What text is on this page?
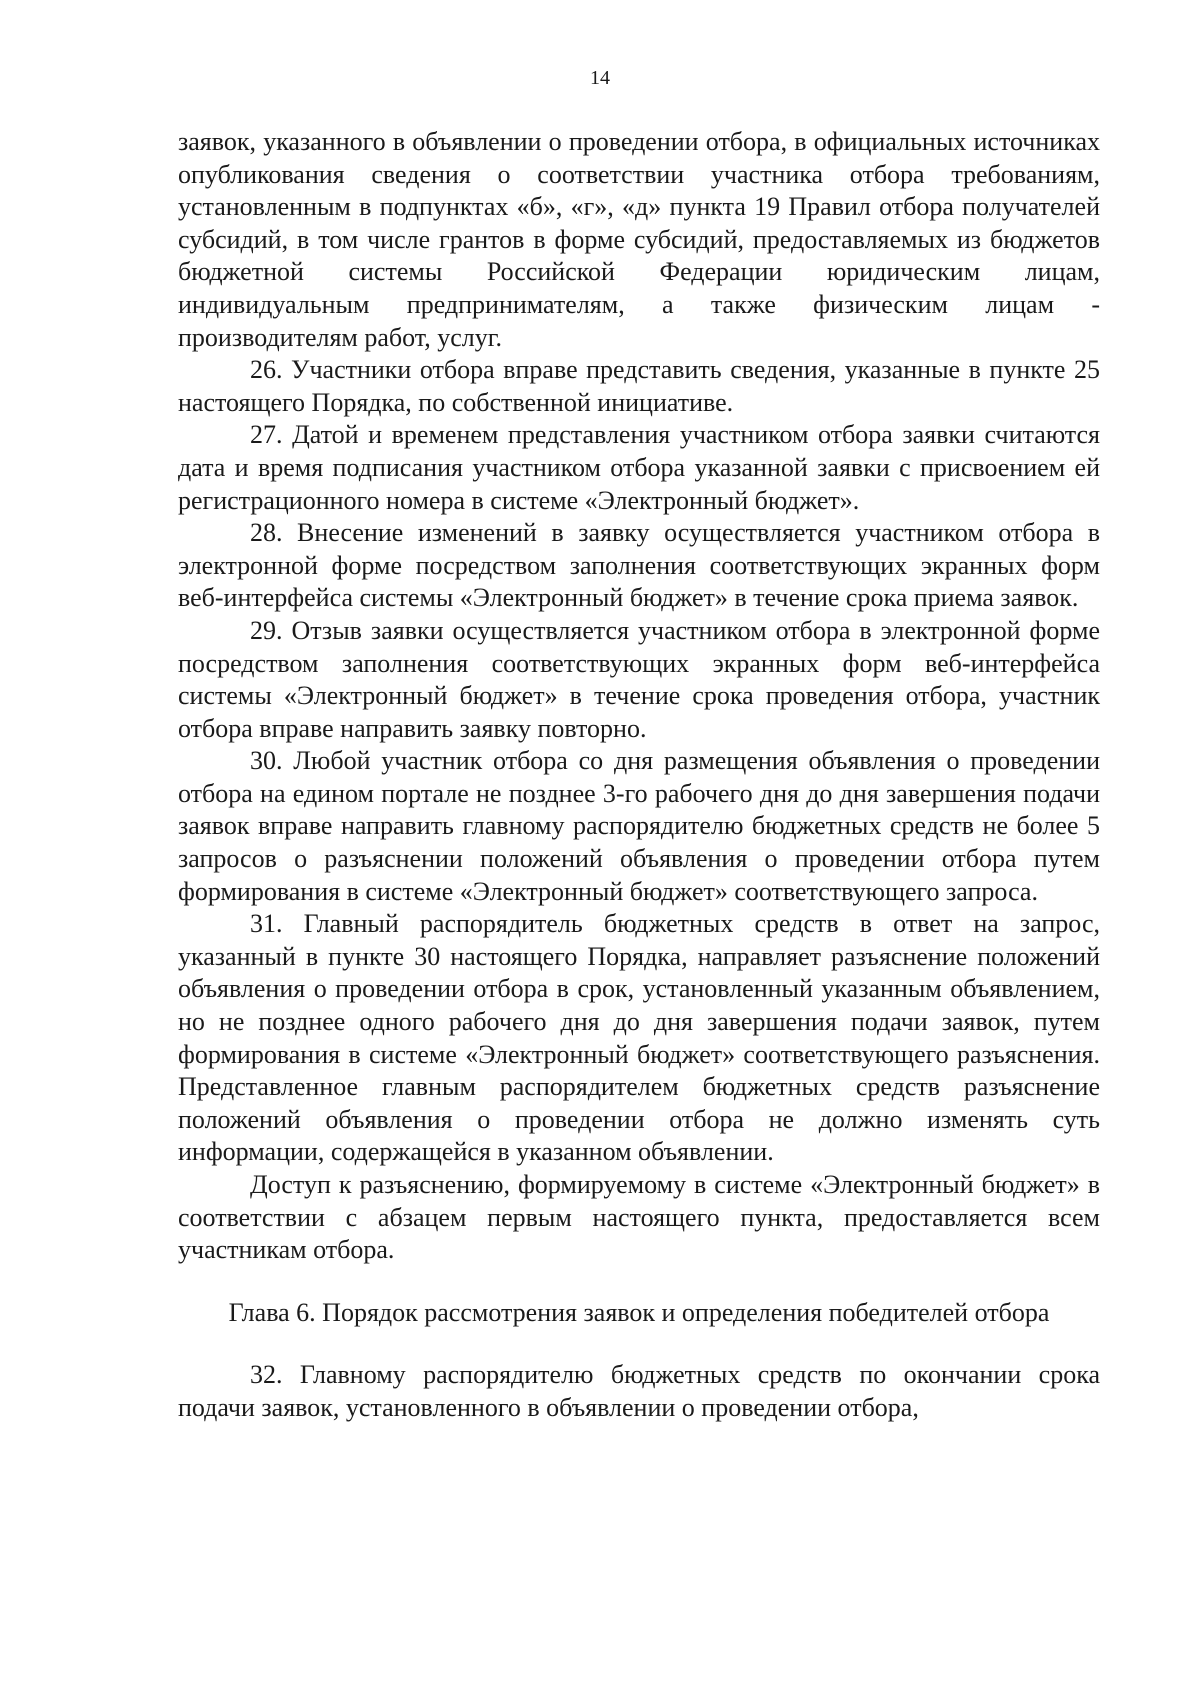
14

заявок, указанного в объявлении о проведении отбора, в официальных источниках опубликования сведения о соответствии участника отбора требованиям, установленным в подпунктах «б», «г», «д» пункта 19 Правил отбора получателей субсидий, в том числе грантов в форме субсидий, предоставляемых из бюджетов бюджетной системы Российской Федерации юридическим лицам, индивидуальным предпринимателям, а также физическим лицам - производителям работ, услуг.

26. Участники отбора вправе представить сведения, указанные в пункте 25 настоящего Порядка, по собственной инициативе.

27. Датой и временем представления участником отбора заявки считаются дата и время подписания участником отбора указанной заявки с присвоением ей регистрационного номера в системе «Электронный бюджет».

28. Внесение изменений в заявку осуществляется участником отбора в электронной форме посредством заполнения соответствующих экранных форм веб-интерфейса системы «Электронный бюджет» в течение срока приема заявок.

29. Отзыв заявки осуществляется участником отбора в электронной форме посредством заполнения соответствующих экранных форм веб-интерфейса системы «Электронный бюджет» в течение срока проведения отбора, участник отбора вправе направить заявку повторно.

30. Любой участник отбора со дня размещения объявления о проведении отбора на едином портале не позднее 3-го рабочего дня до дня завершения подачи заявок вправе направить главному распорядителю бюджетных средств не более 5 запросов о разъяснении положений объявления о проведении отбора путем формирования в системе «Электронный бюджет» соответствующего запроса.

31. Главный распорядитель бюджетных средств в ответ на запрос, указанный в пункте 30 настоящего Порядка, направляет разъяснение положений объявления о проведении отбора в срок, установленный указанным объявлением, но не позднее одного рабочего дня до дня завершения подачи заявок, путем формирования в системе «Электронный бюджет» соответствующего разъяснения. Представленное главным распорядителем бюджетных средств разъяснение положений объявления о проведении отбора не должно изменять суть информации, содержащейся в указанном объявлении.

Доступ к разъяснению, формируемому в системе «Электронный бюджет» в соответствии с абзацем первым настоящего пункта, предоставляется всем участникам отбора.

Глава 6. Порядок рассмотрения заявок и определения победителей отбора

32. Главному распорядителю бюджетных средств по окончании срока подачи заявок, установленного в объявлении о проведении отбора,
